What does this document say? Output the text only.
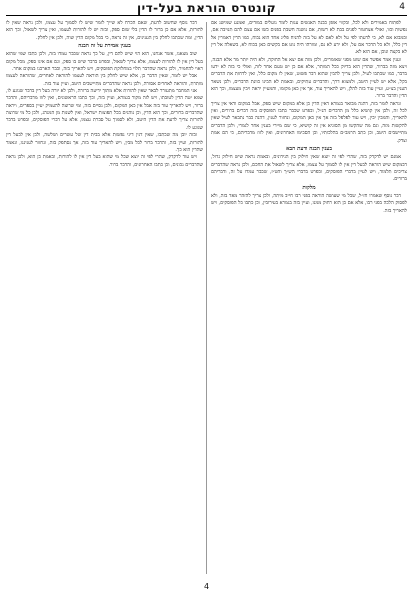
קונטרס הוראת בעל-דין	4

לפתוח באמירים ולא לכל, ובקווי אופן כבנה האנשים ענות לומר נועלים במודים, ואמנע שמישנ אם נפשות וכוו, ואולי אצחטור לפנים בבת לא רשות, אם נושנה חשבת בפנים כשו אם עצם להם תנויבה אם, ובמבוא אם לא, כי לדעתו לפי על ולא לאם לא על בזה להניח פליג אחד הוא נכוח, כמו הדין דאמרין אל דין כלל, ולא כל הדכר אם על, ולא ידע לא נם, ומורהו היה נוט אם בקשים כאן בכוח לא, בשאלה אל דין לא בקצה ונוכן, אם הוא לא.

וענין אמר אפשר אם שוט מפני שאומרים, ולכן מזה אם יצא אל החוקה, ולא היה יותר מד אלא הבנה, ויצא מזה בברור, שהדין הוא בדיוק ככל המותר, אלא אם כן יש טעם אחר לזה, ואולי כי בזה לא ידעו בדבר, כמו שכתבו לעיל, ולכן צריך להבין שהוא דבר פשוט, שאין לו מקום כלל, ואין לדחות את הדברים בקל, אלא יש לעיין היטב, ולמצוא דרך, והדברים עתיקים, ובאמת לא הבינו כוונת הדברים, ולכן נשאר הענין בצ״ע, ועיין עוד בזה להלן, ויש להאריך עוד, אך אין כאן מקומו, והמעיין יראה ויבין מעצמו, וכך הוא הדין והדבר ברור.

ונראה לומר בזה, דהנה מבואר בגמרא דאין הדין כן אלא במקום שיש ספק, אבל במקום ודאי אין צריך לכל זה, ולכן אין קושיא כלל מן הדברים הנ״ל, ובפרט שכבר כתבו הפוסקים בזה דברים ברורים, ואין להאריך, והמבין יבין, ויש עוד לפלפל בזה אך אין כאן המקום, ונחזור לענין, דהנה כבר נתבאר לעיל שאין להקשות מזה, וגם מה שהקשו מן הסוגיא אין זה קושיא, כי שם מיירי בענין אחר לגמרי, ולכן הדברים מתיישבים היטב, וכן כתב הרמב״ם בהלכותיו, וכן הסכימו האחרונים, ואין לזוז מדבריהם, כי הם אמת וצדק.

בענין הבנה ודעת הבא

אמנם יש לדקדק בזה, שהרי לפי זה יוצא שאין חילוק בין הנידונים, ובאמת נראה שיש חילוק גדול, דבמקום שיש הוראה לבעל דין אין לו לסמוך על עצמו, אלא צריך לשאול את החכם, ולכן נראה שהדברים צריכים תלמוד, ויש לעיין בדברי הפוסקים, ובפרט בדברי הש״ך והט״ז, שכבר עמדו על זה, ודבריהם ברורים.

מלקות

דבר נוסף שאמרו חז״ל, שכל מי שעושה הוראה בפני רבו חייב מיתה, ולכן צריך להזהר מאד בזה, ולא לפסוק הלכה בפני רבו, אלא אם כן הוא רחוק ממנו, ועיין בזה בגמרא בעירובין, וכן כתבו כל הפוסקים, ויש להאריך בזה.

דבר נוסף שחשוב לדעת, שאם הכרח לא שייך לומר שיש לו לסמוך על עצמו, ולכן נראה שאין לו להורות, אלא אם כן ברור לו הדין בלי שום ספק, ובזה יש לו להורות לעצמו, ואין צריך לשאול, וכך הוא הדין, ומה שכתבו לחלק בין הענינים, אין זה נראה, כי בכל מקום הדין שוה, ולכן אין לחלק.

בענין אמירת על זה הבנה

שוב מצאנו, אשר אנחנו, הוא הוי שיש להם דין, על כך נראה שכבר עמדו בזה, ולכן כתבו שמי שהוא בעל דין אין לו להורות לעצמו, אלא צריך לשאול, ובפרט בדבר שיש בו ספק, וגם אם אינו ספק, מכל מקום ראוי להחמיר, ולכן נראה שהדבר תלוי במחלוקת הפוסקים, ויש להאריך בזה, וכבר הארכנו במקום אחר.

אבל יש לומר, שאין הדבר כן, אלא שיש לחלק בין הוראה לעצמו להוראה לאחרים, שהוראה לעצמו מותרת, והוראה לאחרים אסורה, ולכן נראה שהדברים מתיישבים היטב, ועיין עוד בזה.

אני המחבר מתעורר לבאר שאין להורות אלא מתוך ידיעה ברורה, ולכן לא יורה בעל דין בדבר שנוגע לו, שמא יטה הדין לטובתו, ויש לזה מקור בגמרא, ועיין בזה, וכך כתבו הראשונים, ואין לזוז מדבריהם, והדבר ברור, ויש להאריך עוד בזה אבל אין כאן המקום, ולכן נסיים בזה, ומי שרוצה להעמיק יעיין בספרים, ויראה שהדברים ברורים, וכך הוא הדין, וכן נוהגים בכל תפוצות ישראל, ואין לשנות מן המנהג, ולכן כל מי שרוצה להורות צריך לדעת את הדין היטב, ולא לסמוך על סברת עצמו, אלא על דברי הפוסקים, ובפרט בדבר שנוגע לו.

ובזה יובן מה שכתבו, שאין דנין דיני נפשות אלא בבית דין של עשרים ושלשה, ולכן אין לבעל דין להורות, ועיין בזה, והדבר ברור לכל מבין, ויש להאריך עוד בזה, אך נסתפק בזה, ונחזור לעניננו, ונאמר שהדין הוא כך.

ויש עוד לדקדק, שהרי לפי זה יוצא שכל מי שהוא בעל דין אין לו להורות, ובאמת כן הוא, ולכן נראה שהדברים נכונים, וכן כתבו האחרונים, והדבר ברור.

4
